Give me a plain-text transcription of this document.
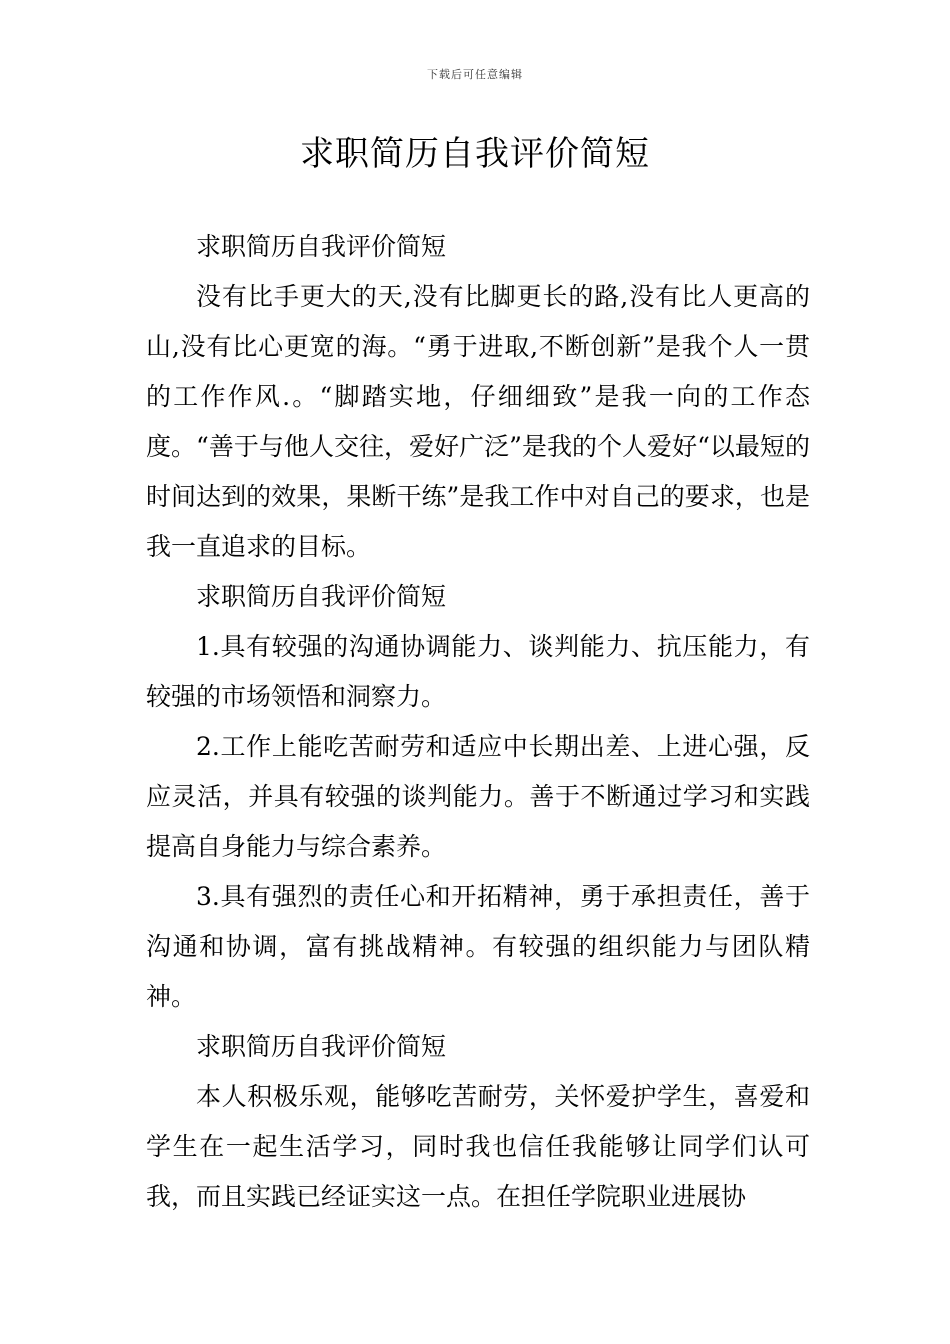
下载后可任意编辑
求职简历自我评价简短

求职简历自我评价简短

没有比手更大的天,没有比脚更长的路,没有比人更高的山,没有比心更宽的海。“勇于进取,不断创新”是我个人一贯的工作作风.。“脚踏实地，仔细细致”是我一向的工作态度。“善于与他人交往，爱好广泛”是我的个人爱好“以最短的时间达到的效果，果断干练”是我工作中对自己的要求，也是我一直追求的目标。

求职简历自我评价简短

1.具有较强的沟通协调能力、谈判能力、抗压能力，有较强的市场领悟和洞察力。

2.工作上能吃苦耐劳和适应中长期出差、上进心强，反应灵活，并具有较强的谈判能力。善于不断通过学习和实践提高自身能力与综合素养。

3.具有强烈的责任心和开拓精神，勇于承担责任，善于沟通和协调，富有挑战精神。有较强的组织能力与团队精神。

求职简历自我评价简短

本人积极乐观，能够吃苦耐劳，关怀爱护学生，喜爱和学生在一起生活学习，同时我也信任我能够让同学们认可我，而且实践已经证实这一点。在担任学院职业进展协
